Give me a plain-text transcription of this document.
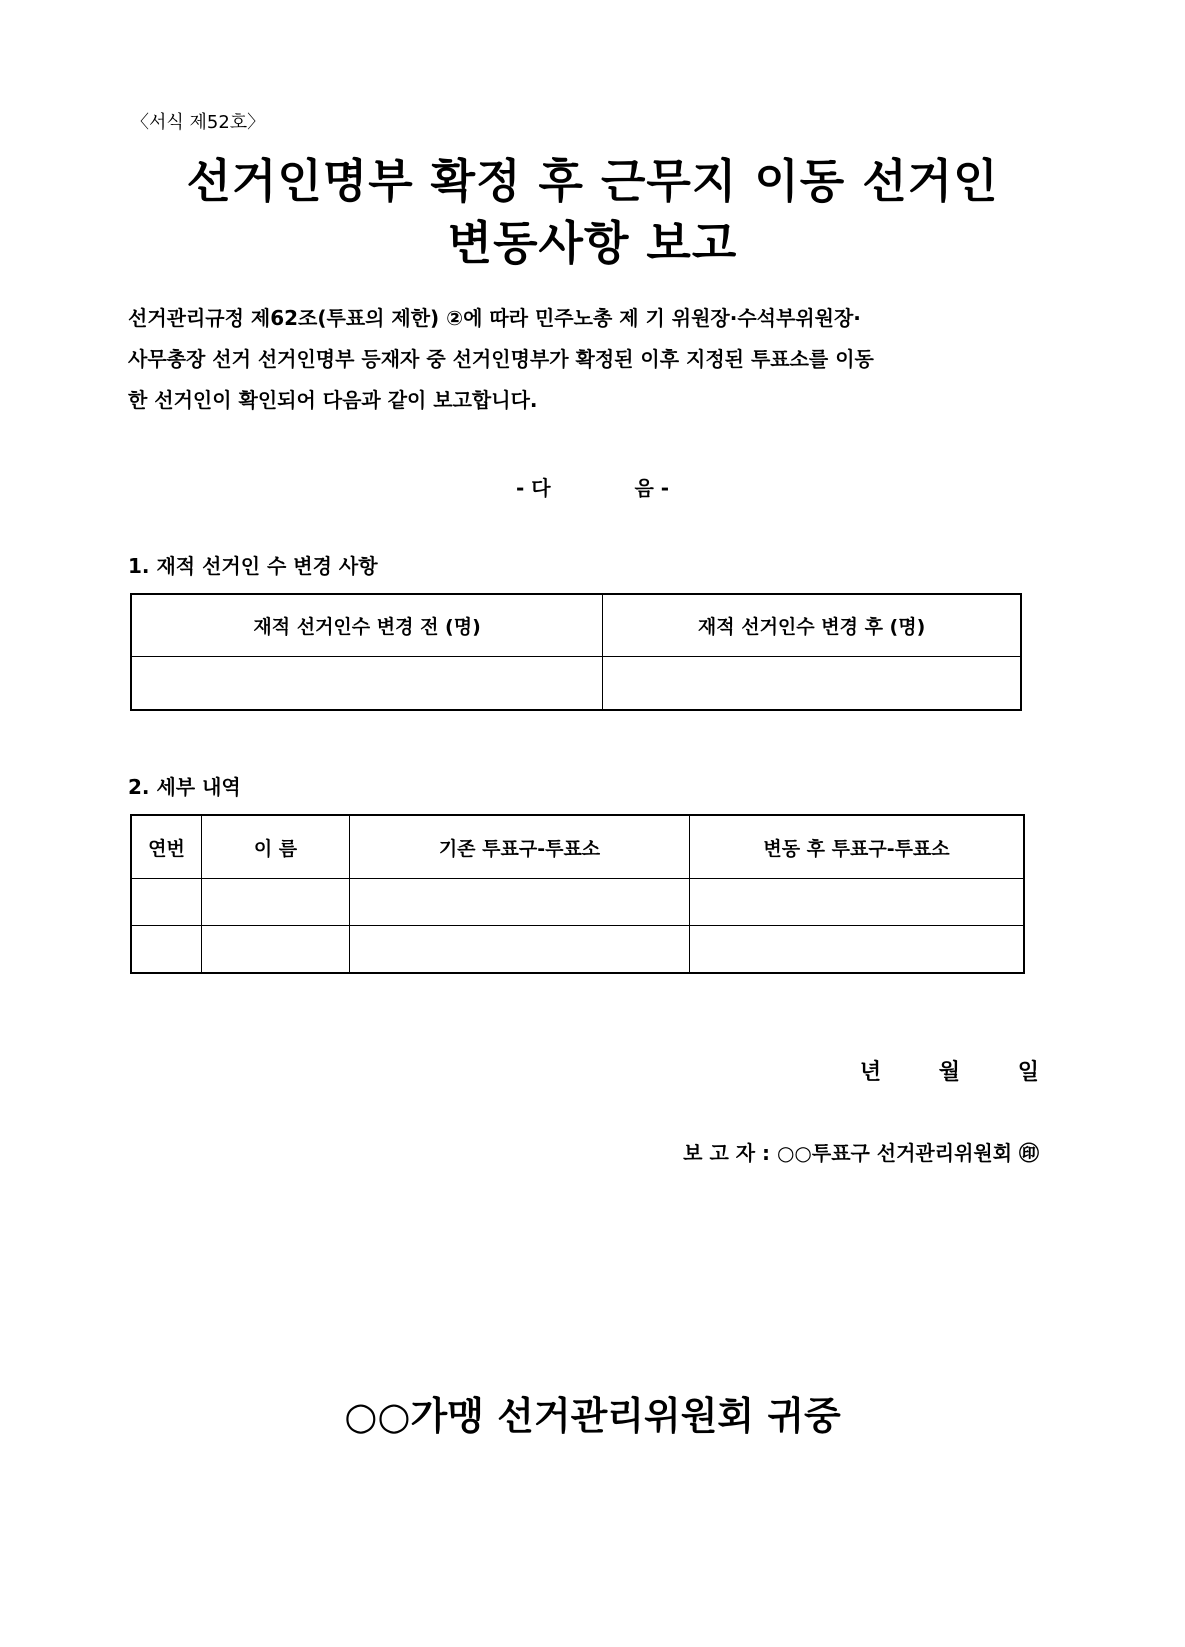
〈서식 제52호〉
선거인명부 확정 후 근무지 이동 선거인
변동사항 보고
선거관리규정 제62조(투표의 제한) ②에 따라 민주노총 제 기 위원장·수석부위원장·
사무총장 선거 선거인명부 등재자 중 선거인명부가 확정된 이후 지정된 투표소를 이동
한 선거인이 확인되어 다음과 같이 보고합니다.
- 다	음 -
1. 재적 선거인 수 변경 사항
재적 선거인수 변경 전 (명)	재적 선거인수 변경 후 (명)

2. 세부 내역
연번	이 름	기존 투표구-투표소	변동 후 투표구-투표소

년	월	일
보 고 자 : ○○투표구 선거관리위원회 ㊞
○○가맹 선거관리위원회 귀중
